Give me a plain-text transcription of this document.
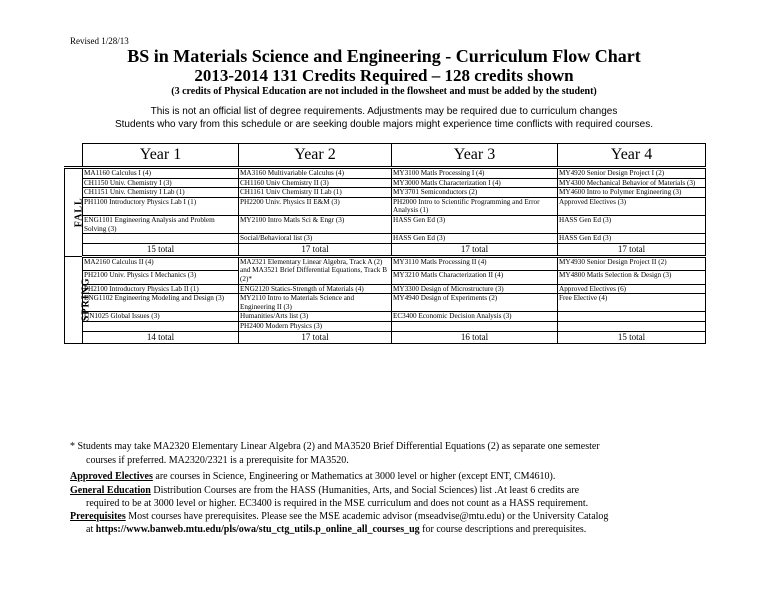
Revised 1/28/13
BS in Materials Science and Engineering - Curriculum Flow Chart
2013-2014 131 Credits Required – 128 credits shown
(3 credits of Physical Education are not included in the flowsheet and must be added by the student)
This is not an official list of degree requirements. Adjustments may be required due to curriculum changes
Students who vary from this schedule or are seeking double majors might experience time conflicts with required courses.
	Year 1	Year 2	Year 3	Year 4
FALL	MA1160 Calculus I (4)	MA3160 Multivariable Calculus (4)	MY3100 Matls Processing I (4)	MY4920 Senior Design Project I (2)
	CH1150 Univ. Chemistry I (3)	CH1160 Univ Chemistry II (3)	MY3000 Matls Characterization I (4)	MY4300 Mechanical Behavior of Materials (3)
	CH1151 Univ. Chemistry I Lab (1)	CH1161 Univ Chemistry II Lab (1)	MY3701 Semiconductors (2)	MY4600 Intro to Polymer Engineering (3)
	PH1100 Introductory Physics Lab I (1)	PH2200 Univ. Physics II E&M (3)	PH2000 Intro to Scientific Programming and Error Analysis (1)	Approved Electives (3)
	ENG1101 Engineering Analysis and Problem Solving (3)	MY2100 Intro Matls Sci & Engr (3)	HASS Gen Ed (3)	HASS Gen Ed (3)
		Social/Behavioral list (3)	HASS Gen Ed (3)	HASS Gen Ed (3)
	15 total	17 total	17 total	17 total
SPRING	MA2160 Calculus II (4)	MA2321 Elementary Linear Algebra, Track A (2) and MA3521 Brief Differential Equations, Track B (2)*	MY3110 Matls Processing II (4)	MY4930 Senior Design Project II (2)
	PH2100 Univ. Physics I Mechanics (3)		MY3210 Matls Characterization II (4)	MY4800 Matls Selection & Design (3)
	PH2100 Introductory Physics Lab II (1)	ENG2120 Statics-Strength of Materials (4)	MY3300 Design of Microstructure (3)	Approved Electives (6)
	ENG1102 Engineering Modeling and Design (3)	MY2110 Intro to Materials Science and Engineering II (3)	MY4940 Design of Experiments (2)	Free Elective (4)
	UN1025 Global Issues (3)	Humanities/Arts list (3)	EC3400 Economic Decision Analysis (3)	
		PH2400 Modern Physics (3)		
	14 total	17 total	16 total	15 total
* Students may take MA2320 Elementary Linear Algebra (2) and MA3520 Brief Differential Equations (2) as separate one semester
courses if preferred. MA2320/2321 is a prerequisite for MA3520.
Approved Electives are courses in Science, Engineering or Mathematics at 3000 level or higher (except ENT, CM4610).
General Education Distribution Courses are from the HASS (Humanities, Arts, and Social Sciences) list .At least 6 credits are
required to be at 3000 level or higher. EC3400 is required in the MSE curriculum and does not count as a HASS requirement.
Prerequisites Most courses have prerequisites. Please see the MSE academic advisor (mseadvise@mtu.edu) or the University Catalog
at https://www.banweb.mtu.edu/pls/owa/stu_ctg_utils.p_online_all_courses_ug for course descriptions and prerequisites.
